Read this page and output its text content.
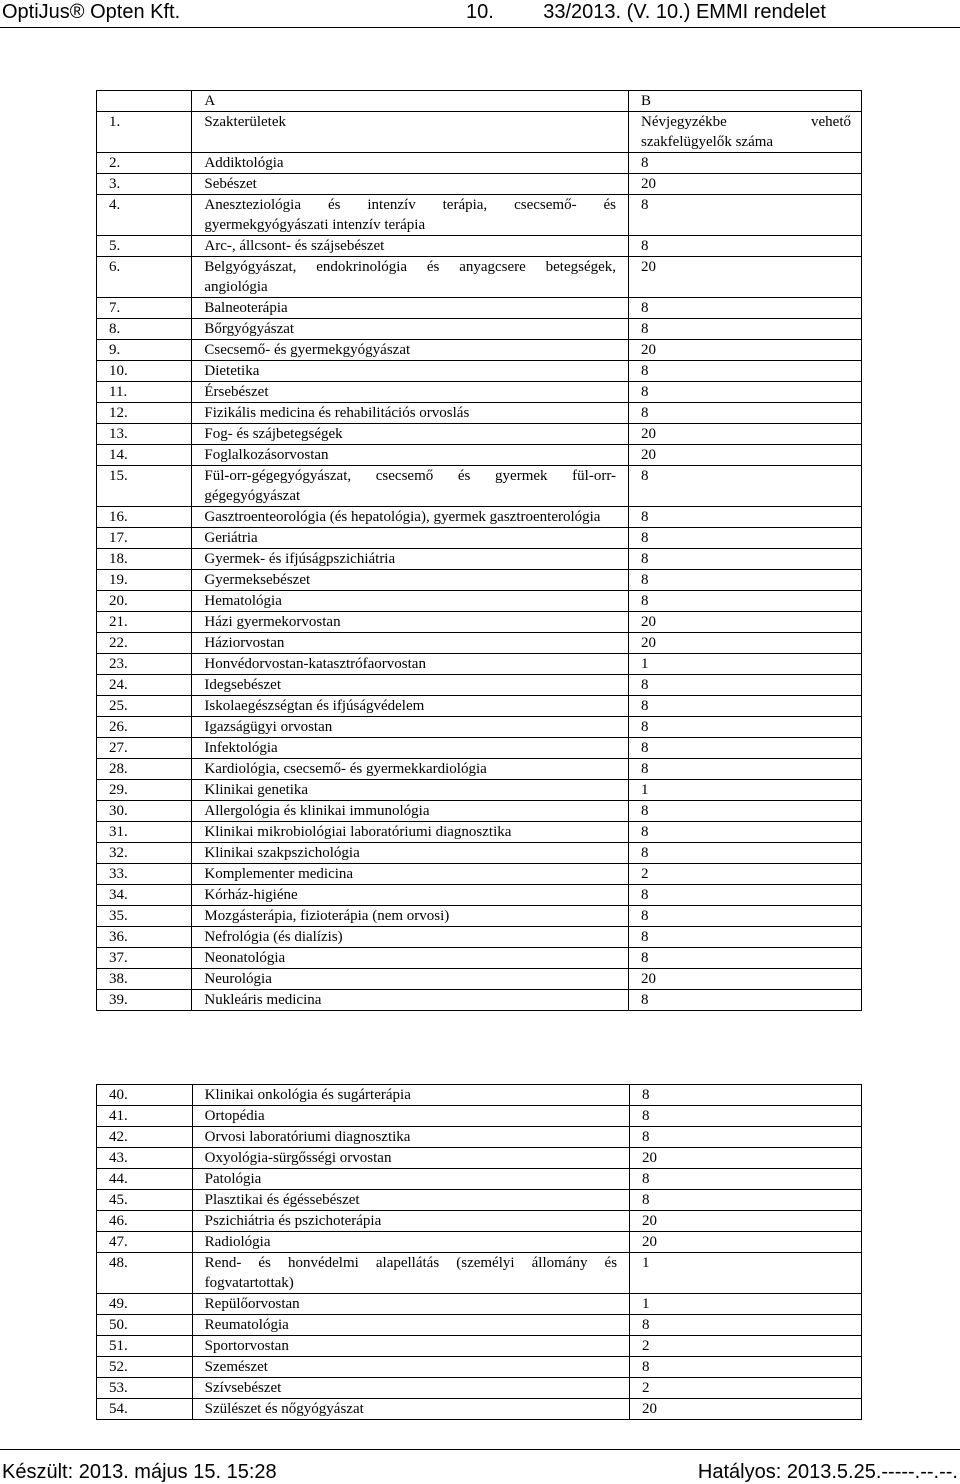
OptiJus® Opten Kft.	10. 33/2013. (V. 10.) EMMI rendelet
	A	B
1.	Szakterületek	Névjegyzékbe vehető szakfelügyelők száma
2.	Addiktológia	8
3.	Sebészet	20
4.	Aneszteziológia és intenzív terápia, csecsemő- és gyermekgyógyászati intenzív terápia	8
5.	Arc-, állcsont- és szájsebészet	8
6.	Belgyógyászat, endokrinológia és anyagcsere betegségek, angiológia	20
7.	Balneoterápia	8
8.	Bőrgyógyászat	8
9.	Csecsemő- és gyermekgyógyászat	20
10.	Dietetika	8
11.	Érsebészet	8
12.	Fizikális medicina és rehabilitációs orvoslás	8
13.	Fog- és szájbetegségek	20
14.	Foglalkozásorvostan	20
15.	Fül-orr-gégegyógyászat, csecsemő és gyermek fül-orr-gégegyógyászat	8
16.	Gasztroenteorológia (és hepatológia), gyermek gasztroenterológia	8
17.	Geriátria	8
18.	Gyermek- és ifjúságpszichiátria	8
19.	Gyermeksebészet	8
20.	Hematológia	8
21.	Házi gyermekorvostan	20
22.	Háziorvostan	20
23.	Honvédorvostan-katasztrófaorvostan	1
24.	Idegsebészet	8
25.	Iskolaegészségtan és ifjúságvédelem	8
26.	Igazságügyi orvostan	8
27.	Infektológia	8
28.	Kardiológia, csecsemő- és gyermekkardiológia	8
29.	Klinikai genetika	1
30.	Allergológia és klinikai immunológia	8
31.	Klinikai mikrobiológiai laboratóriumi diagnosztika	8
32.	Klinikai szakpszichológia	8
33.	Komplementer medicina	2
34.	Kórház-higiéne	8
35.	Mozgásterápia, fizioterápia (nem orvosi)	8
36.	Nefrológia (és dialízis)	8
37.	Neonatológia	8
38.	Neurológia	20
39.	Nukleáris medicina	8
40.	Klinikai onkológia és sugárterápia	8
41.	Ortopédia	8
42.	Orvosi laboratóriumi diagnosztika	8
43.	Oxyológia-sürgősségi orvostan	20
44.	Patológia	8
45.	Plasztikai és égéssebészet	8
46.	Pszichiátria és pszichoterápia	20
47.	Radiológia	20
48.	Rend- és honvédelmi alapellátás (személyi állomány és fogvatartottak)	1
49.	Repülőorvostan	1
50.	Reumatológia	8
51.	Sportorvostan	2
52.	Szemészet	8
53.	Szívsebészet	2
54.	Szülészet és nőgyógyászat	20
Készült: 2013. május 15. 15:28	Hatályos: 2013.5.25.-----.--.--.
